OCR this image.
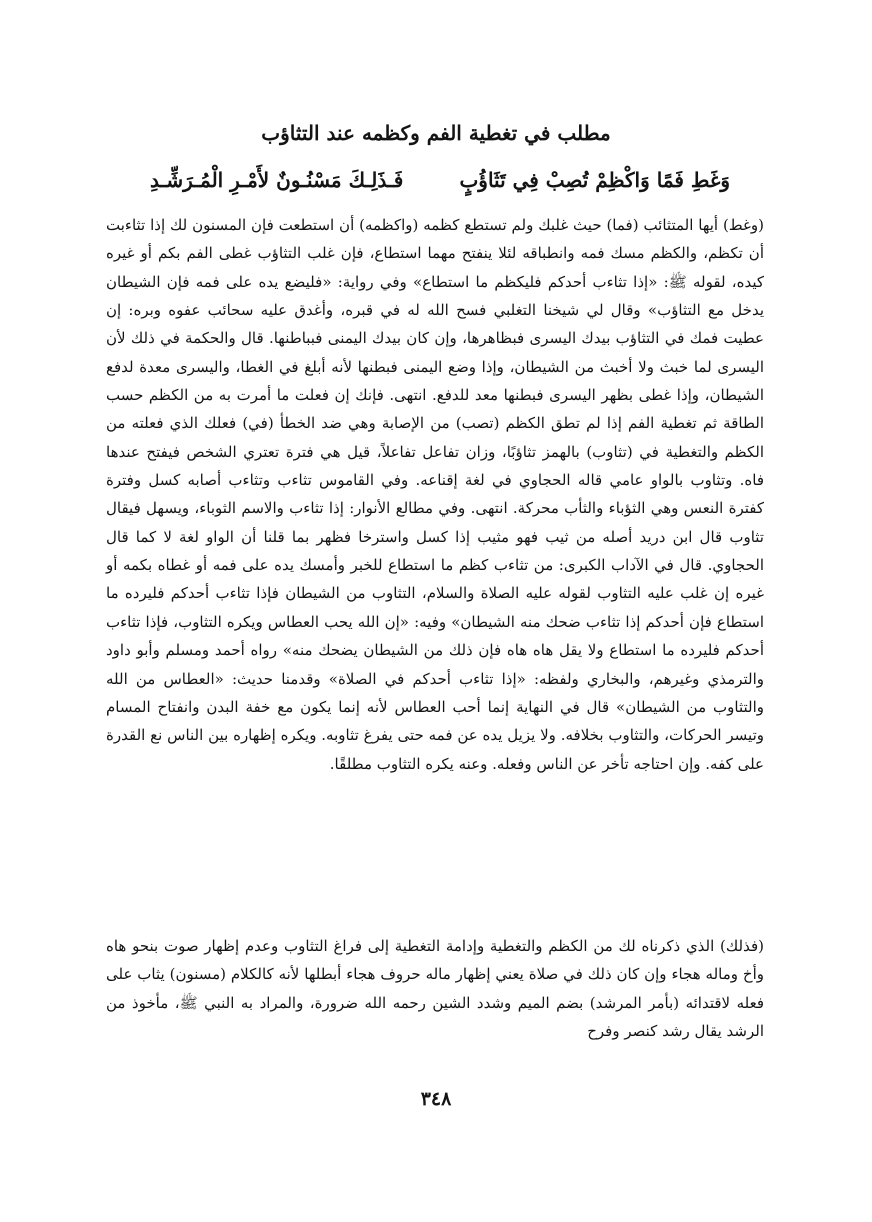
مطلب في تغطية الفم وكظمه عند التثاؤب
وَغَطِ فَمًا وَاكْظِمْ تُصِبْ فِي تَثَاؤُبٍ
فَـذَلِـكَ مَسْنُـونٌ لأَمْـرِ الْمُـرَشِّـدِ

(وغط) أيها المتثائب (فما) حيث غلبك ولم تستطع كظمه (واكظمه) أن استطعت فإن المسنون لك إذا تثاءبت أن تكظم، والكظم مسك فمه وانطباقه لئلا ينفتح مهما استطاع، فإن غلب التثاؤب غطى الفم بكم أو غيره كيده، لقوله ﷺ: «إذا تثاءب أحدكم فليكظم ما استطاع» وفي رواية: «فليضع يده على فمه فإن الشيطان يدخل مع التثاؤب» وقال لي شيخنا التغلبي فسح الله له في قبره، وأغدق عليه سحائب عفوه وبره: إن عطيت فمك في التثاؤب بيدك اليسرى فبظاهرها، وإن كان بيدك اليمنى فبباطنها. قال والحكمة في ذلك لأن اليسرى لما خبث ولا أخبث من الشيطان، وإذا وضع اليمنى فبطنها لأنه أبلغ في الغطا، واليسرى معدة لدفع الشيطان، وإذا غطى بظهر اليسرى فبطنها معد للدفع. انتهى. فإنك إن فعلت ما أمرت به من الكظم حسب الطاقة ثم تغطية الفم إذا لم تطق الكظم (تصب) من الإصابة وهي ضد الخطأ (في) فعلك الذي فعلته من الكظم والتغطية في (تثاوب) بالهمز تثاؤبًا، وزان تفاعل تفاعلاً، قيل هي فترة تعتري الشخص فيفتح عندها فاه. وتثاوب بالواو عامي قاله الحجاوي في لغة إقناعه. وفي القاموس تثاءب وتثاءب أصابه كسل وفترة كفترة النعس وهي الثؤباء والثأب محركة. انتهى. وفي مطالع الأنوار: إذا تثاءب والاسم الثوباء، ويسهل فيقال تثاوب قال ابن دريد أصله من ثيب فهو مثيب إذا كسل واسترخا فظهر بما قلنا أن الواو لغة لا كما قال الحجاوي. قال في الآداب الكبرى: من تثاءب كظم ما استطاع للخبر وأمسك يده على فمه أو غطاه بكمه أو غيره إن غلب عليه التثاوب لقوله عليه الصلاة والسلام، التثاوب من الشيطان فإذا تثاءب أحدكم فليرده ما استطاع فإن أحدكم إذا تثاءب ضحك منه الشيطان» وفيه: «إن الله يحب العطاس ويكره التثاوب، فإذا تثاءب أحدكم فليرده ما استطاع ولا يقل هاه هاه فإن ذلك من الشيطان يضحك منه» رواه أحمد ومسلم وأبو داود والترمذي وغيرهم، والبخاري ولفظه: «إذا تثاءب أحدكم في الصلاة» وقدمنا حديث: «العطاس من الله والتثاوب من الشيطان» قال في النهاية إنما أحب العطاس لأنه إنما يكون مع خفة البدن وانفتاح المسام وتيسر الحركات، والتثاوب بخلافه. ولا يزيل يده عن فمه حتى يفرغ تثاوبه. ويكره إظهاره بين الناس نع القدرة على كفه. وإن احتاجه تأخر عن الناس وفعله. وعنه يكره التثاوب مطلقًا.

(فذلك) الذي ذكرناه لك من الكظم والتغطية وإدامة التغطية إلى فراغ التثاوب وعدم إظهار صوت بنحو هاه وأخ وماله هجاء وإن كان ذلك في صلاة يعني إظهار ماله حروف هجاء أبطلها لأنه كالكلام (مسنون) يثاب على فعله لاقتدائه (بأمر المرشد) بضم الميم وشدد الشين رحمه الله ضرورة، والمراد به النبي ﷺ، مأخوذ من الرشد يقال رشد كنصر وفرح

٣٤٨
